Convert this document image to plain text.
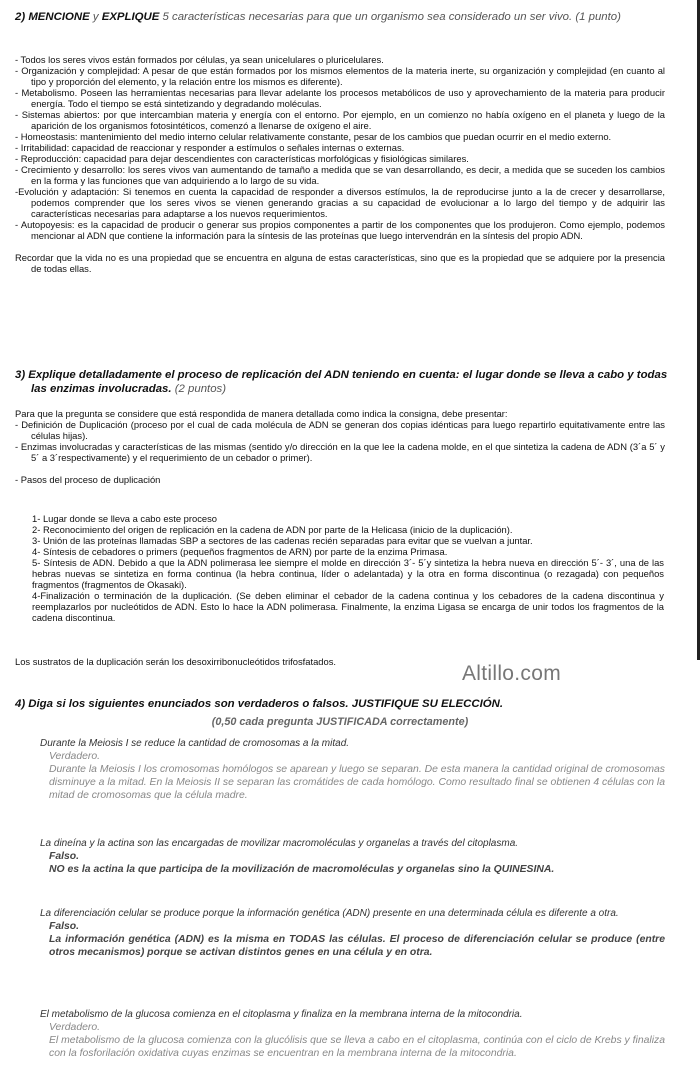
2) MENCIONE y EXPLIQUE 5 características necesarias para que un organismo sea considerado un ser vivo. (1 punto)

- Todos los seres vivos están formados por células, ya sean unicelulares o pluricelulares.

- Organización y complejidad: A pesar de que están formados por los mismos elementos de la materia inerte, su organización y complejidad (en cuanto al tipo y proporción del elemento, y la relación entre los mismos es diferente).

- Metabolismo. Poseen las herramientas necesarias para llevar adelante los procesos metabólicos de uso y aprovechamiento de la materia para producir energía. Todo el tiempo se está sintetizando y degradando moléculas.

- Sistemas abiertos: por que intercambian materia y energía con el entorno. Por ejemplo, en un comienzo no había oxígeno en el planeta y luego de la aparición de los organismos fotosintéticos, comenzó a llenarse de oxígeno el aire.

- Homeostasis: mantenimiento del medio interno celular relativamente constante, pesar de los cambios que puedan ocurrir en el medio externo.

- Irritabilidad: capacidad de reaccionar y responder a estímulos o señales internas o externas.

- Reproducción: capacidad para dejar descendientes con características morfológicas y fisiológicas similares.

- Crecimiento y desarrollo: los seres vivos van aumentando de tamaño a medida que se van desarrollando, es decir, a medida que se suceden los cambios en la forma y las funciones que van adquiriendo a lo largo de su vida.

-Evolución y adaptación: Si tenemos en cuenta la capacidad de responder a diversos estímulos, la de reproducirse junto a la de crecer y desarrollarse, podemos comprender que los seres vivos se vienen generando gracias a su capacidad de evolucionar a lo largo del tiempo y de adquirir las características necesarias para adaptarse a los nuevos requerimientos.

- Autopoyesis: es la capacidad de producir o generar sus propios componentes a partir de los componentes que los produjeron. Como ejemplo, podemos mencionar al ADN que contiene la información para la síntesis de las proteínas que luego intervendrán en la síntesis del propio ADN.

Recordar que la vida no es una propiedad que se encuentra en alguna de estas características, sino que es la propiedad que se adquiere por la presencia de todas ellas.

3) Explique detalladamente el proceso de replicación del ADN teniendo en cuenta: el lugar donde se lleva a cabo y todas las enzimas involucradas. (2 puntos)

Para que la pregunta se considere que está respondida de manera detallada como indica la consigna, debe presentar:

- Definición de Duplicación (proceso por el cual de cada molécula de ADN se generan dos copias idénticas para luego repartirlo equitativamente entre las células hijas).

- Enzimas involucradas y características de las mismas (sentido y/o dirección en la que lee la cadena molde, en el que sintetiza la cadena de ADN (3´a 5´ y 5´ a 3´respectivamente) y el requerimiento de un cebador o primer).

- Pasos del proceso de duplicación

1- Lugar donde se lleva a cabo este proceso

2- Reconocimiento del origen de replicación en la cadena de ADN por parte de la Helicasa (inicio de la duplicación).

3- Unión de las proteínas llamadas SBP a sectores de las cadenas recién separadas para evitar que se vuelvan a juntar.

4- Síntesis de cebadores o primers (pequeños fragmentos de ARN) por parte de la enzima Primasa.

5- Síntesis de ADN. Debido a que la ADN polimerasa lee siempre el molde en dirección 3´- 5´y sintetiza la hebra nueva en dirección 5´- 3´, una de las hebras nuevas se sintetiza en forma continua (la hebra continua, líder o adelantada) y la otra en forma discontinua (o rezagada) con pequeños fragmentos (fragmentos de Okasaki).

4-Finalización o terminación de la duplicación. (Se deben eliminar el cebador de la cadena continua y los cebadores de la cadena discontinua y reemplazarlos por nucleótidos de ADN. Esto lo hace la ADN polimerasa. Finalmente, la enzima Ligasa se encarga de unir todos los fragmentos de la cadena discontinua.

Los sustratos de la duplicación serán los desoxirribonucleótidos trifosfatados.

Altillo.com
4) Diga si los siguientes enunciados son verdaderos o falsos. JUSTIFIQUE SU ELECCIÓN.
(0,50 cada pregunta JUSTIFICADA correctamente)
Durante la Meiosis I se reduce la cantidad de cromosomas a la mitad.
Verdadero.
Durante la Meiosis I los cromosomas homólogos se aparean y luego se separan. De esta manera la cantidad original de cromosomas disminuye a la mitad. En la Meiosis II se separan las cromátides de cada homólogo. Como resultado final se obtienen 4 células con la mitad de cromosomas que la célula madre.
La dineína y la actina son las encargadas de movilizar macromoléculas y organelas a través del citoplasma.
Falso.
NO es la actina la que participa de la movilización de macromoléculas y organelas sino la QUINESINA.
La diferenciación celular se produce porque la información genética (ADN) presente en una determinada célula es diferente a otra.
Falso.
La información genética (ADN) es la misma en TODAS las células. El proceso de diferenciación celular se produce (entre otros mecanismos) porque se activan distintos genes en una célula y en otra.
El metabolismo de la glucosa comienza en el citoplasma y finaliza en la membrana interna de la mitocondria.
Verdadero.
El metabolismo de la glucosa comienza con la glucólisis que se lleva a cabo en el citoplasma, continúa con el ciclo de Krebs y finaliza con la fosforilación oxidativa cuyas enzimas se encuentran en la membrana interna de la mitocondria.
